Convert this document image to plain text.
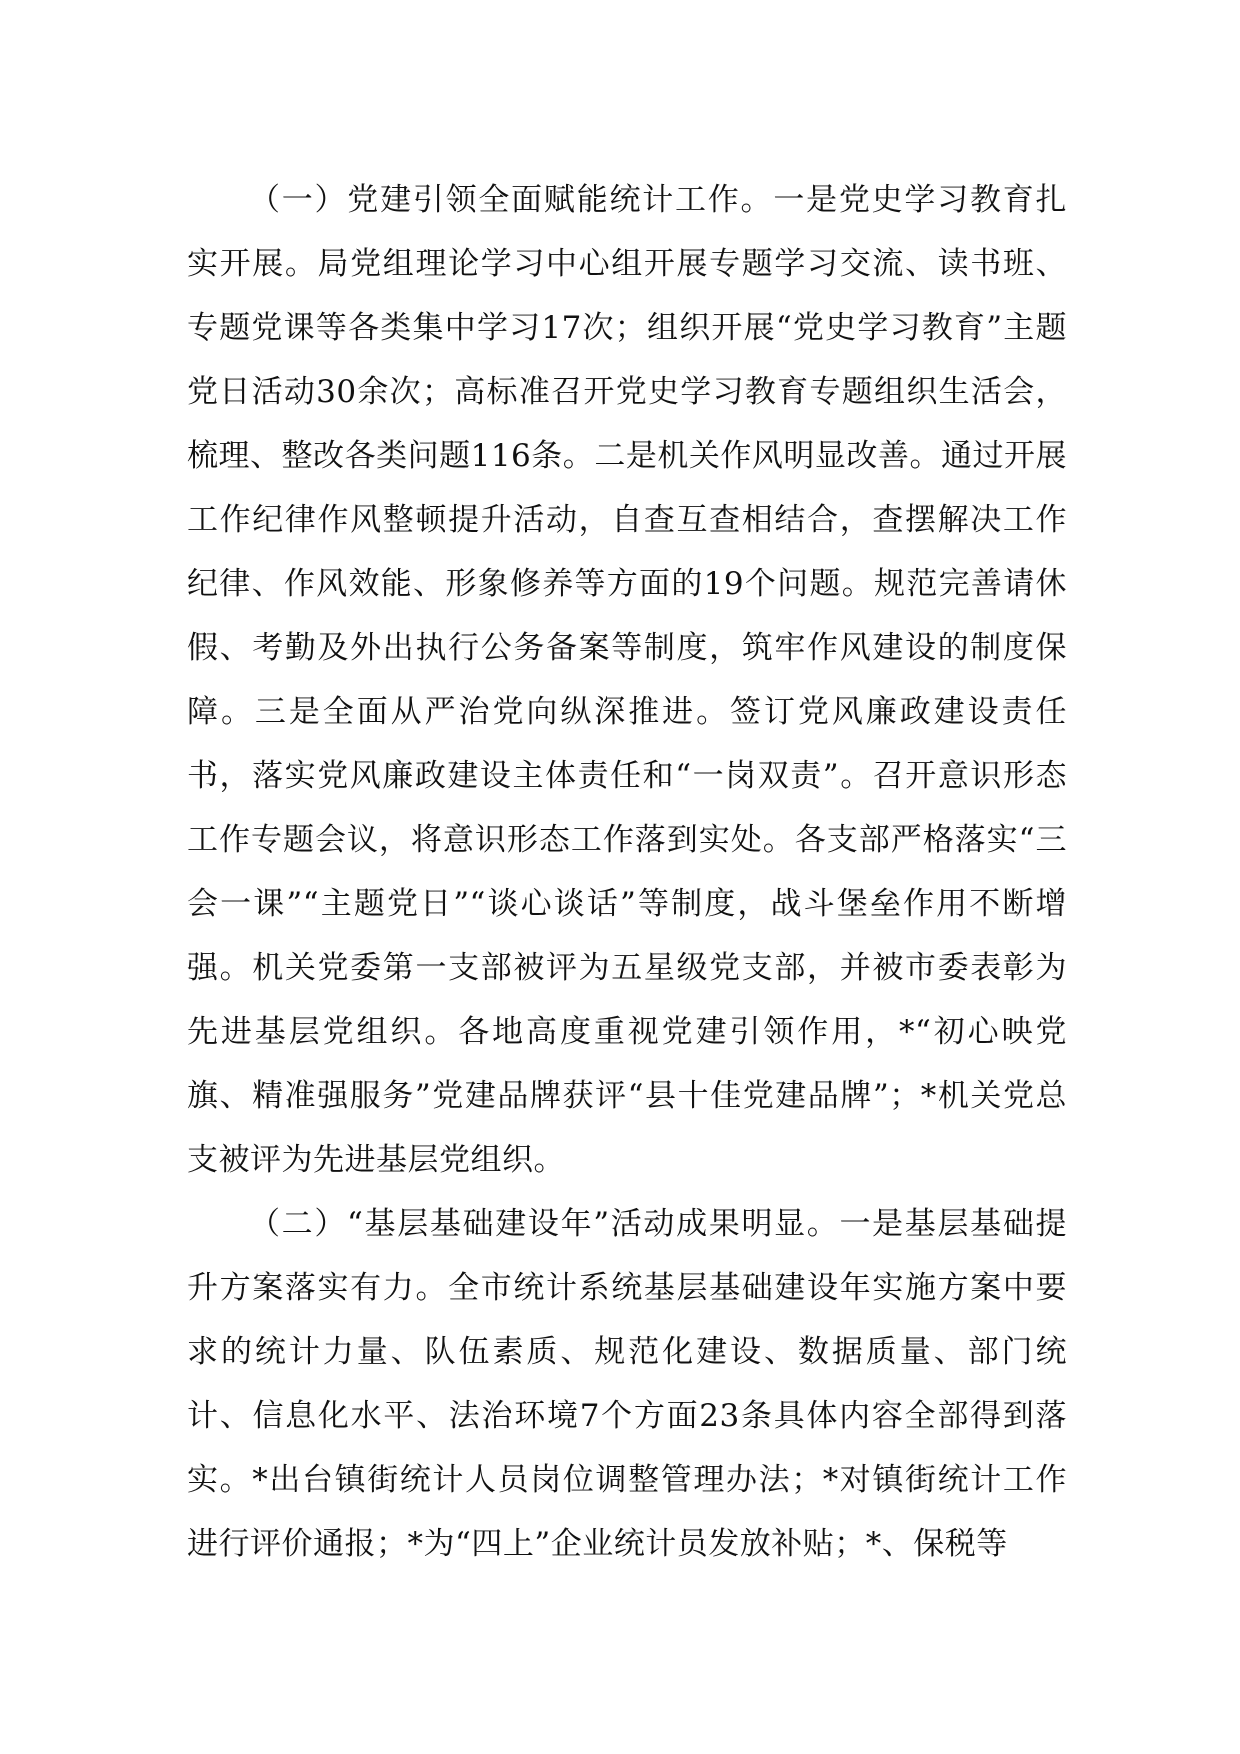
（一）党建引领全面赋能统计工作。一是党史学习教育扎实开展。局党组理论学习中心组开展专题学习交流、读书班、专题党课等各类集中学习17次；组织开展“党史学习教育”主题党日活动30余次；高标准召开党史学习教育专题组织生活会，梳理、整改各类问题116条。二是机关作风明显改善。通过开展工作纪律作风整顿提升活动，自查互查相结合，查摆解决工作纪律、作风效能、形象修养等方面的19个问题。规范完善请休假、考勤及外出执行公务备案等制度，筑牢作风建设的制度保障。三是全面从严治党向纵深推进。签订党风廉政建设责任书，落实党风廉政建设主体责任和“一岗双责”。召开意识形态工作专题会议，将意识形态工作落到实处。各支部严格落实“三会一课”“主题党日”“谈心谈话”等制度，战斗堡垒作用不断增强。机关党委第一支部被评为五星级党支部，并被市委表彰为先进基层党组织。各地高度重视党建引领作用，*“初心映党旗、精准强服务”党建品牌获评“县十佳党建品牌”；*机关党总支被评为先进基层党组织。

（二）“基层基础建设年”活动成果明显。一是基层基础提升方案落实有力。全市统计系统基层基础建设年实施方案中要求的统计力量、队伍素质、规范化建设、数据质量、部门统计、信息化水平、法治环境7个方面23条具体内容全部得到落实。*出台镇街统计人员岗位调整管理办法；*对镇街统计工作进行评价通报；*为“四上”企业统计员发放补贴；*、保税等
